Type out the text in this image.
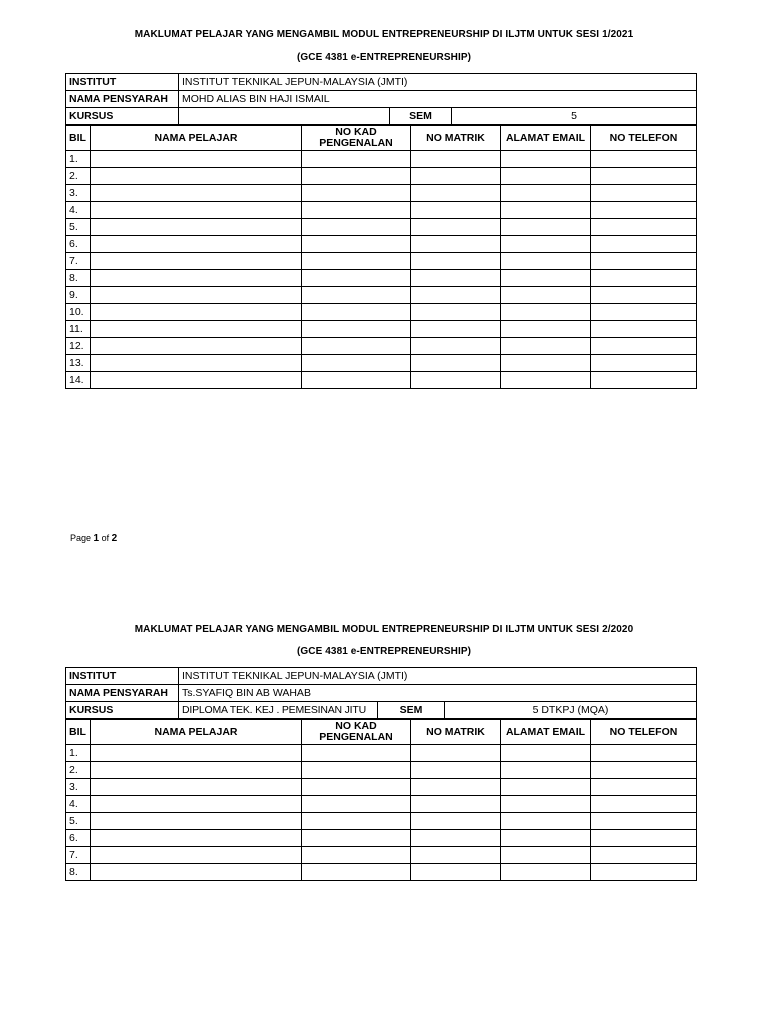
MAKLUMAT PELAJAR YANG MENGAMBIL MODUL ENTREPRENEURSHIP DI ILJTM UNTUK SESI 1/2021
(GCE 4381 e-ENTREPRENEURSHIP)
INSTITUT	INSTITUT TEKNIKAL JEPUN-MALAYSIA (JMTI)		
NAMA PENSYARAH	MOHD ALIAS BIN HAJI ISMAIL		
KURSUS		SEM	5
BIL	NAMA PELAJAR	NO KAD PENGENALAN	NO MATRIK	ALAMAT EMAIL	NO TELEFON
1.					
2.					
3.					
4.					
5.					
6.					
7.					
8.					
9.					
10.					
11.					
12.					
13.					
14.					
Page 1 of 2
MAKLUMAT PELAJAR YANG MENGAMBIL MODUL ENTREPRENEURSHIP DI ILJTM UNTUK SESI 2/2020
(GCE 4381 e-ENTREPRENEURSHIP)
INSTITUT	INSTITUT TEKNIKAL JEPUN-MALAYSIA (JMTI)		
NAMA PENSYARAH	Ts.SYAFIQ BIN AB WAHAB		
KURSUS	DIPLOMA TEK. KEJ . PEMESINAN JITU	SEM	5 DTKPJ (MQA)
BIL	NAMA PELAJAR	NO KAD PENGENALAN	NO MATRIK	ALAMAT EMAIL	NO TELEFON
1.					
2.					
3.					
4.					
5.					
6.					
7.					
8.					
